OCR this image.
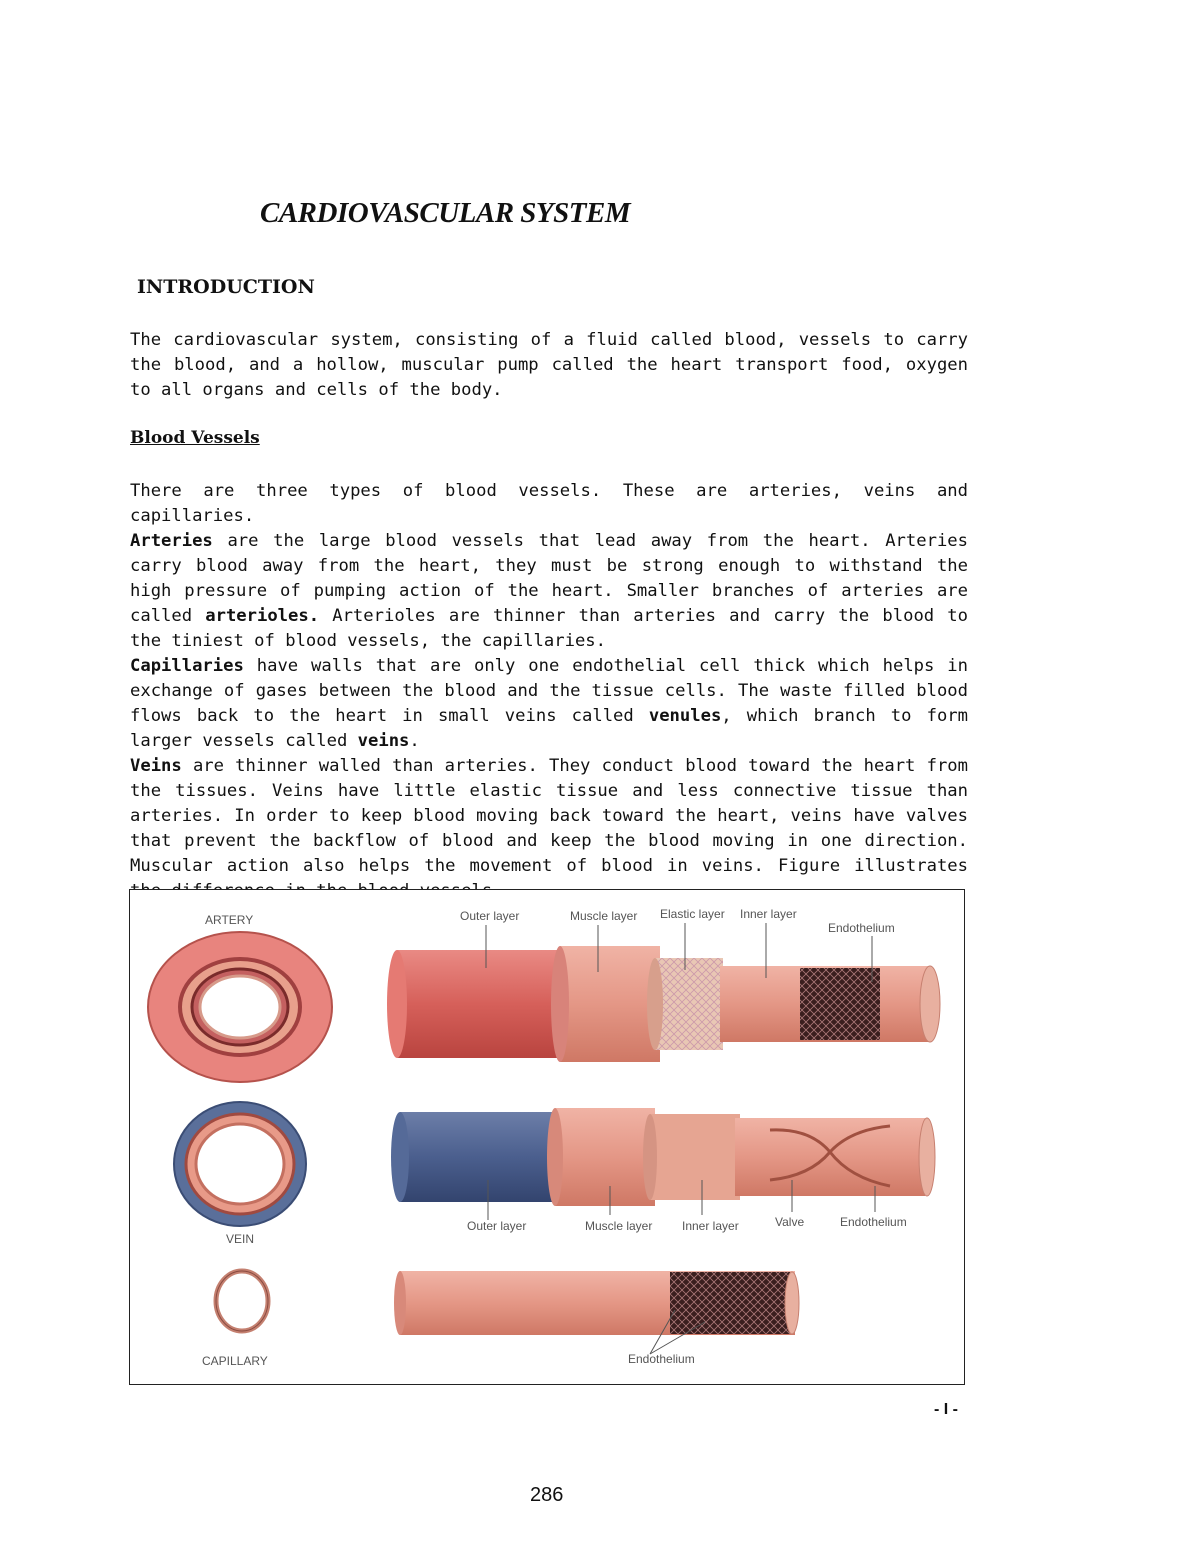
CARDIOVASCULAR SYSTEM
INTRODUCTION

The cardiovascular system, consisting of a fluid called blood, vessels to carry the blood, and a hollow, muscular pump called the heart transport food, oxygen to all organs and cells of the body.

Blood Vessels
There are three types of blood vessels. These are arteries, veins and capillaries.
Arteries are the large blood vessels that lead away from the heart. Arteries carry blood away from the heart, they must be strong enough to withstand the high pressure of pumping action of the heart. Smaller branches of arteries are called arterioles. Arterioles are thinner than arteries and carry the blood to the tiniest of blood vessels, the capillaries.
Capillaries have walls that are only one endothelial cell thick which helps in exchange of gases between the blood and the tissue cells. The waste filled blood flows back to the heart in small veins called venules, which branch to form larger vessels called veins.
Veins are thinner walled than arteries. They conduct blood toward the heart from the tissues. Veins have little elastic tissue and less connective tissue than arteries. In order to keep blood moving back toward the heart, veins have valves that prevent the backflow of blood and keep the blood moving in one direction. Muscular action also helps the movement of blood in veins. Figure illustrates
ARTERY	Outer layer	Muscle layer Elastic layer Inner layer
Endothelium
VEIN
Outer layer	Muscle layer Inner layer	Valve	Endothelium
CAPILLARY	Endothelium

- I -

286
